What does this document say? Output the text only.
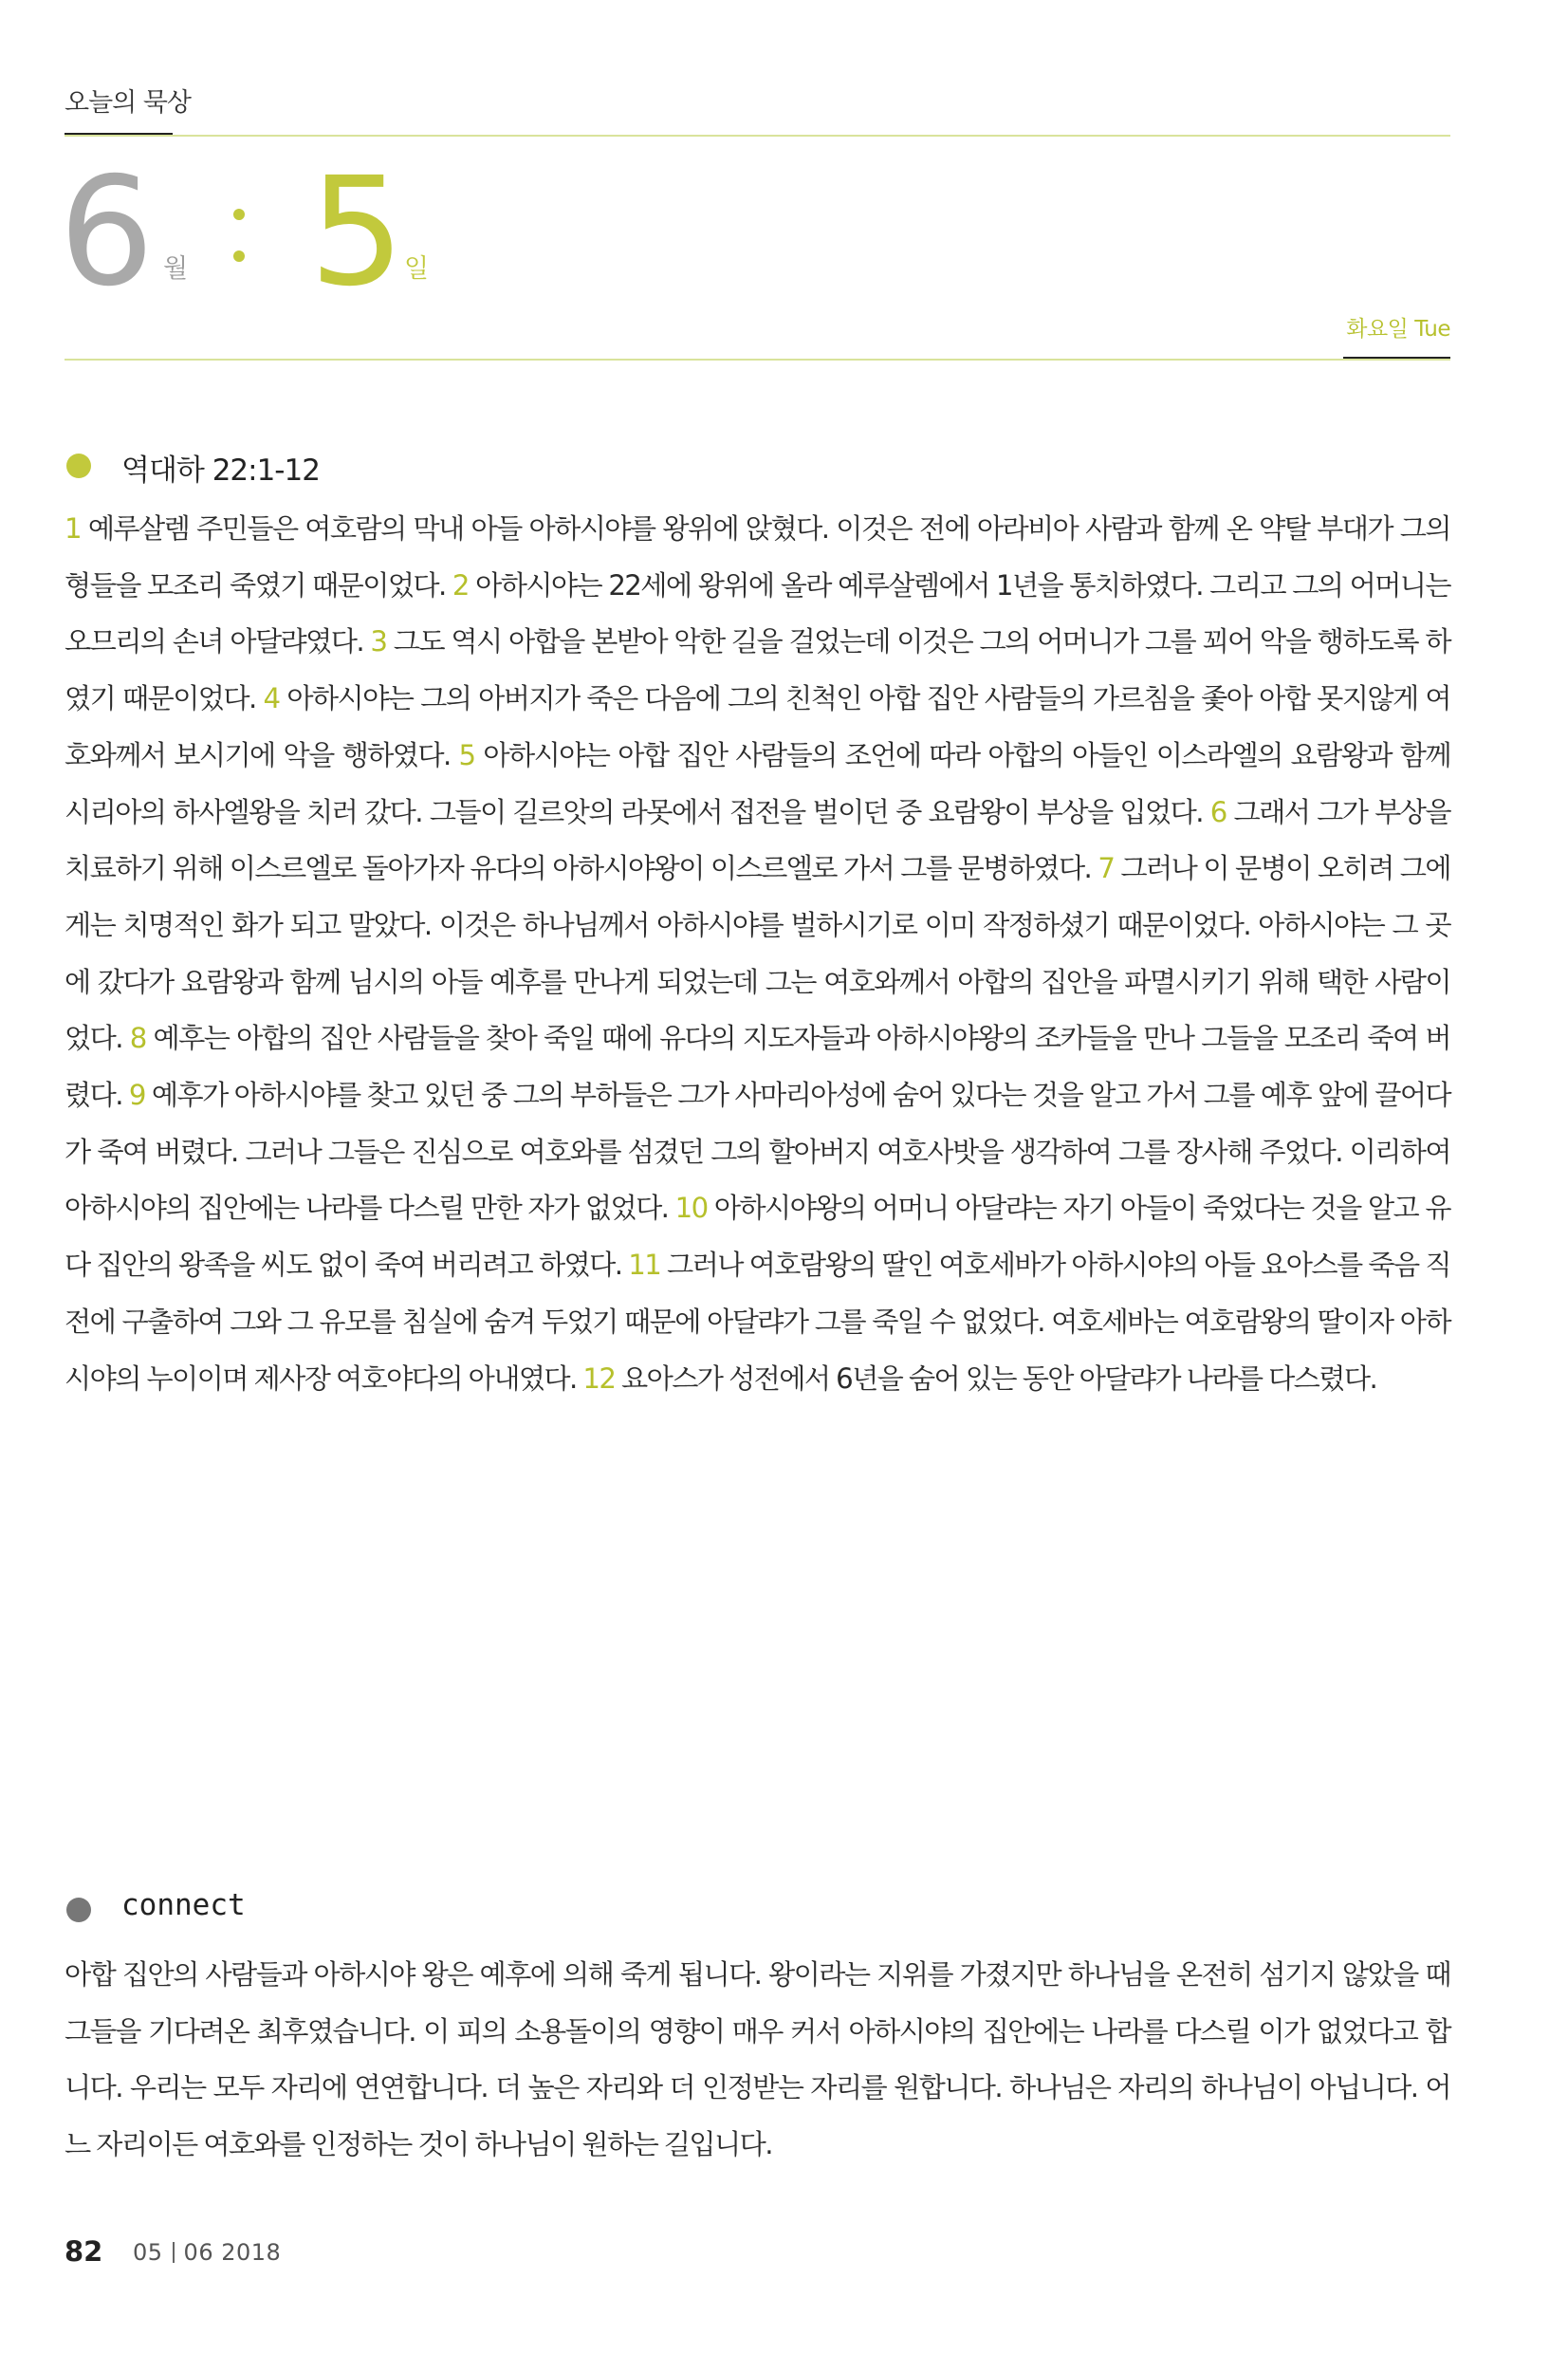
오늘의 묵상
6 월 5 일
화요일 Tue
역대하 22:1-12
1 예루살렘 주민들은 여호람의 막내 아들 아하시야를 왕위에 앉혔다. 이것은 전에 아라비아 사람과 함께 온 약탈 부대가 그의 형들을 모조리 죽였기 때문이었다. 2 아하시야는 22세에 왕위에 올라 예루살렘에서 1년을 통치하였다. 그리고 그의 어머니는 오므리의 손녀 아달랴였다. 3 그도 역시 아합을 본받아 악한 길을 걸었는데 이것은 그의 어머니가 그를 꾀어 악을 행하도록 하였기 때문이었다. 4 아하시야는 그의 아버지가 죽은 다음에 그의 친척인 아합 집안 사람들의 가르침을 좇아 아합 못지않게 여호와께서 보시기에 악을 행하였다. 5 아하시야는 아합 집안 사람들의 조언에 따라 아합의 아들인 이스라엘의 요람왕과 함께 시리아의 하사엘왕을 치러 갔다. 그들이 길르앗의 라못에서 접전을 벌이던 중 요람왕이 부상을 입었다. 6 그래서 그가 부상을 치료하기 위해 이스르엘로 돌아가자 유다의 아하시야왕이 이스르엘로 가서 그를 문병하였다. 7 그러나 이 문병이 오히려 그에게는 치명적인 화가 되고 말았다. 이것은 하나님께서 아하시야를 벌하시기로 이미 작정하셨기 때문이었다. 아하시야는 그 곳에 갔다가 요람왕과 함께 님시의 아들 예후를 만나게 되었는데 그는 여호와께서 아합의 집안을 파멸시키기 위해 택한 사람이었다. 8 예후는 아합의 집안 사람들을 찾아 죽일 때에 유다의 지도자들과 아하시야왕의 조카들을 만나 그들을 모조리 죽여 버렸다. 9 예후가 아하시야를 찾고 있던 중 그의 부하들은 그가 사마리아성에 숨어 있다는 것을 알고 가서 그를 예후 앞에 끌어다가 죽여 버렸다. 그러나 그들은 진심으로 여호와를 섬겼던 그의 할아버지 여호사밧을 생각하여 그를 장사해 주었다. 이리하여 아하시야의 집안에는 나라를 다스릴 만한 자가 없었다. 10 아하시야왕의 어머니 아달랴는 자기 아들이 죽었다는 것을 알고 유다 집안의 왕족을 씨도 없이 죽여 버리려고 하였다. 11 그러나 여호람왕의 딸인 여호세바가 아하시야의 아들 요아스를 죽음 직전에 구출하여 그와 그 유모를 침실에 숨겨 두었기 때문에 아달랴가 그를 죽일 수 없었다. 여호세바는 여호람왕의 딸이자 아하시야의 누이이며 제사장 여호야다의 아내였다. 12 요아스가 성전에서 6년을 숨어 있는 동안 아달랴가 나라를 다스렸다.
connect
아합 집안의 사람들과 아하시야 왕은 예후에 의해 죽게 됩니다. 왕이라는 지위를 가졌지만 하나님을 온전히 섬기지 않았을 때 그들을 기다려온 최후였습니다. 이 피의 소용돌이의 영향이 매우 커서 아하시야의 집안에는 나라를 다스릴 이가 없었다고 합니다. 우리는 모두 자리에 연연합니다. 더 높은 자리와 더 인정받는 자리를 원합니다. 하나님은 자리의 하나님이 아닙니다. 어느 자리이든 여호와를 인정하는 것이 하나님이 원하는 길입니다.
82 05 06 2018
